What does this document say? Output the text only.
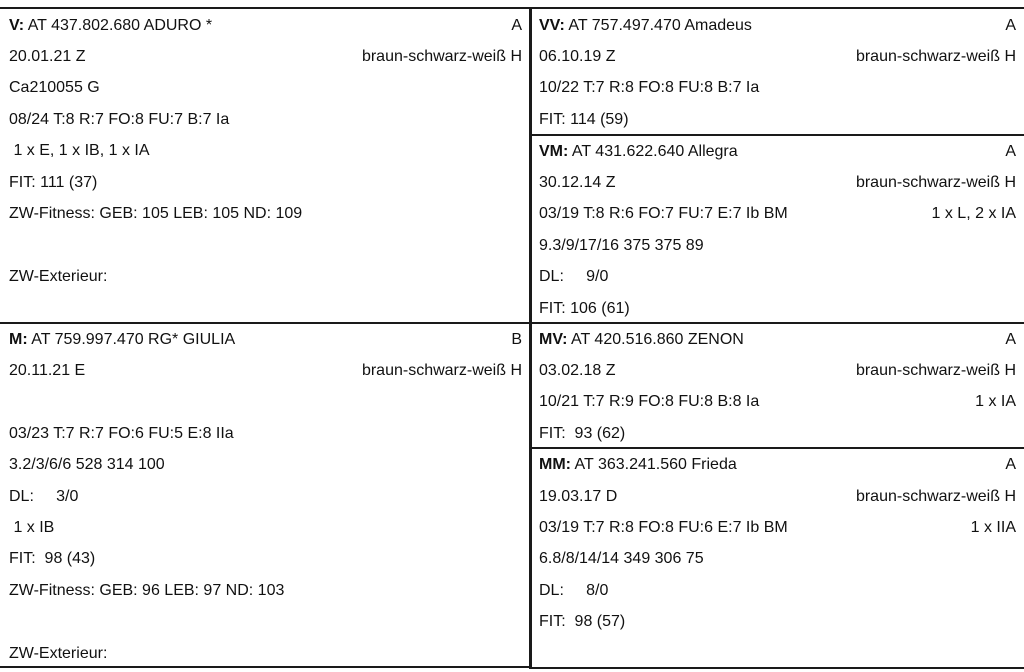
V: AT 437.802.680 ADURO *	A
20.01.21 Z	braun-schwarz-weiß H
Ca210055 G
08/24 T:8 R:7 FO:8 FU:7 B:7 Ia
1 x E, 1 x IB, 1 x IA
FIT: 111 (37)
ZW-Fitness: GEB: 105 LEB: 105 ND: 109
ZW-Exterieur:
VV: AT 757.497.470 Amadeus	A
06.10.19 Z	braun-schwarz-weiß H
10/22 T:7 R:8 FO:8 FU:8 B:7 Ia
FIT: 114 (59)
VM: AT 431.622.640 Allegra	A
30.12.14 Z	braun-schwarz-weiß H
03/19 T:8 R:6 FO:7 FU:7 E:7 Ib BM	1 x L, 2 x IA
9.3/9/17/16 375 375 89
DL:     9/0
FIT: 106 (61)
M: AT 759.997.470 RG* GIULIA	B
20.11.21 E	braun-schwarz-weiß H
03/23 T:7 R:7 FO:6 FU:5 E:8 IIa
3.2/3/6/6 528 314 100
DL:     3/0
1 x IB
FIT:  98 (43)
ZW-Fitness: GEB: 96 LEB: 97 ND: 103
ZW-Exterieur:
MV: AT 420.516.860 ZENON	A
03.02.18 Z	braun-schwarz-weiß H
10/21 T:7 R:9 FO:8 FU:8 B:8 Ia	1 x IA
FIT:  93 (62)
MM: AT 363.241.560 Frieda	A
19.03.17 D	braun-schwarz-weiß H
03/19 T:7 R:8 FO:8 FU:6 E:7 Ib BM	1 x IIA
6.8/8/14/14 349 306 75
DL:     8/0
FIT:  98 (57)
